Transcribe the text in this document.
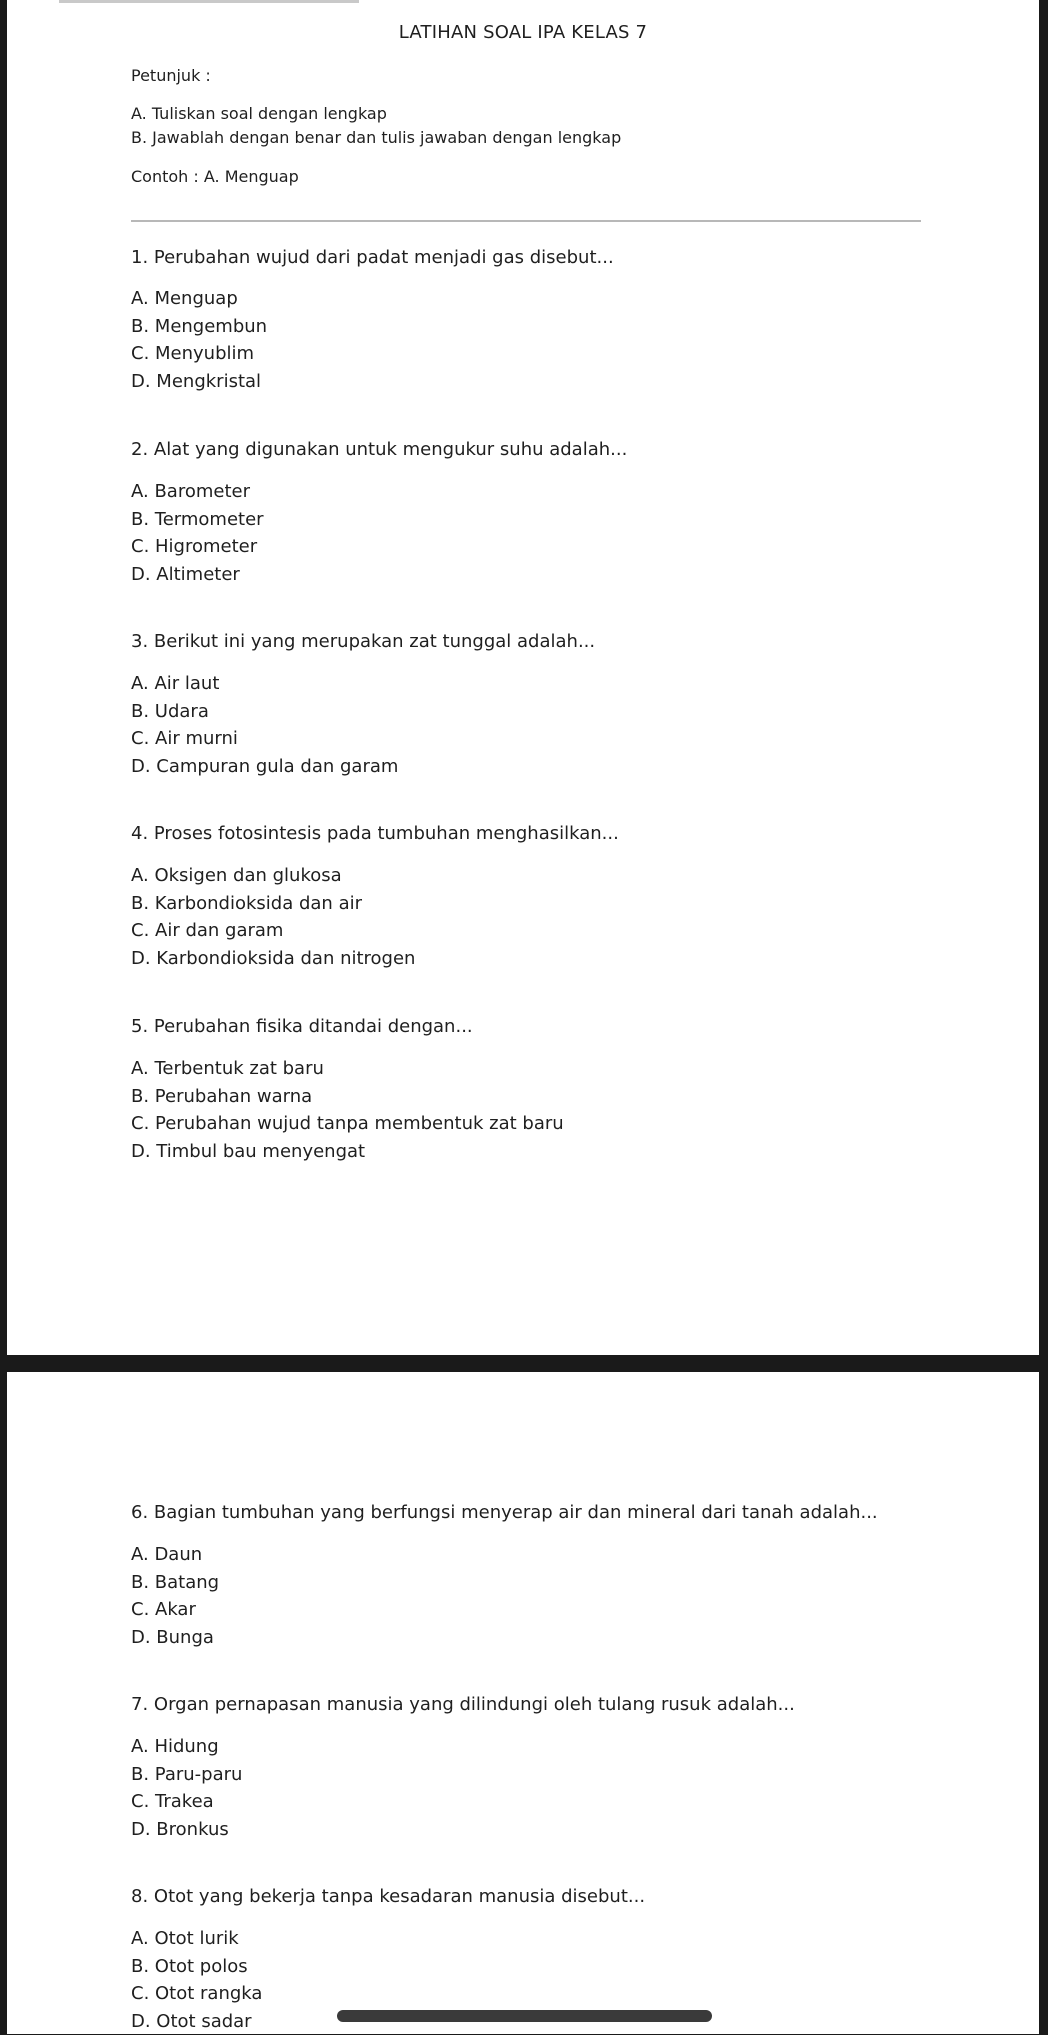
LATIHAN SOAL IPA KELAS 7
Petunjuk :
A. Tuliskan soal dengan lengkap
B. Jawablah dengan benar dan tulis jawaban dengan lengkap
Contoh : A. Menguap
1. Perubahan wujud dari padat menjadi gas disebut...
A. Menguap
B. Mengembun
C. Menyublim
D. Mengkristal
2. Alat yang digunakan untuk mengukur suhu adalah...
A. Barometer
B. Termometer
C. Higrometer
D. Altimeter
3. Berikut ini yang merupakan zat tunggal adalah...
A. Air laut
B. Udara
C. Air murni
D. Campuran gula dan garam
4. Proses fotosintesis pada tumbuhan menghasilkan...
A. Oksigen dan glukosa
B. Karbondioksida dan air
C. Air dan garam
D. Karbondioksida dan nitrogen
5. Perubahan fisika ditandai dengan...
A. Terbentuk zat baru
B. Perubahan warna
C. Perubahan wujud tanpa membentuk zat baru
D. Timbul bau menyengat
6. Bagian tumbuhan yang berfungsi menyerap air dan mineral dari tanah adalah...
A. Daun
B. Batang
C. Akar
D. Bunga
7. Organ pernapasan manusia yang dilindungi oleh tulang rusuk adalah...
A. Hidung
B. Paru-paru
C. Trakea
D. Bronkus
8. Otot yang bekerja tanpa kesadaran manusia disebut...
A. Otot lurik
B. Otot polos
C. Otot rangka
D. Otot sadar
